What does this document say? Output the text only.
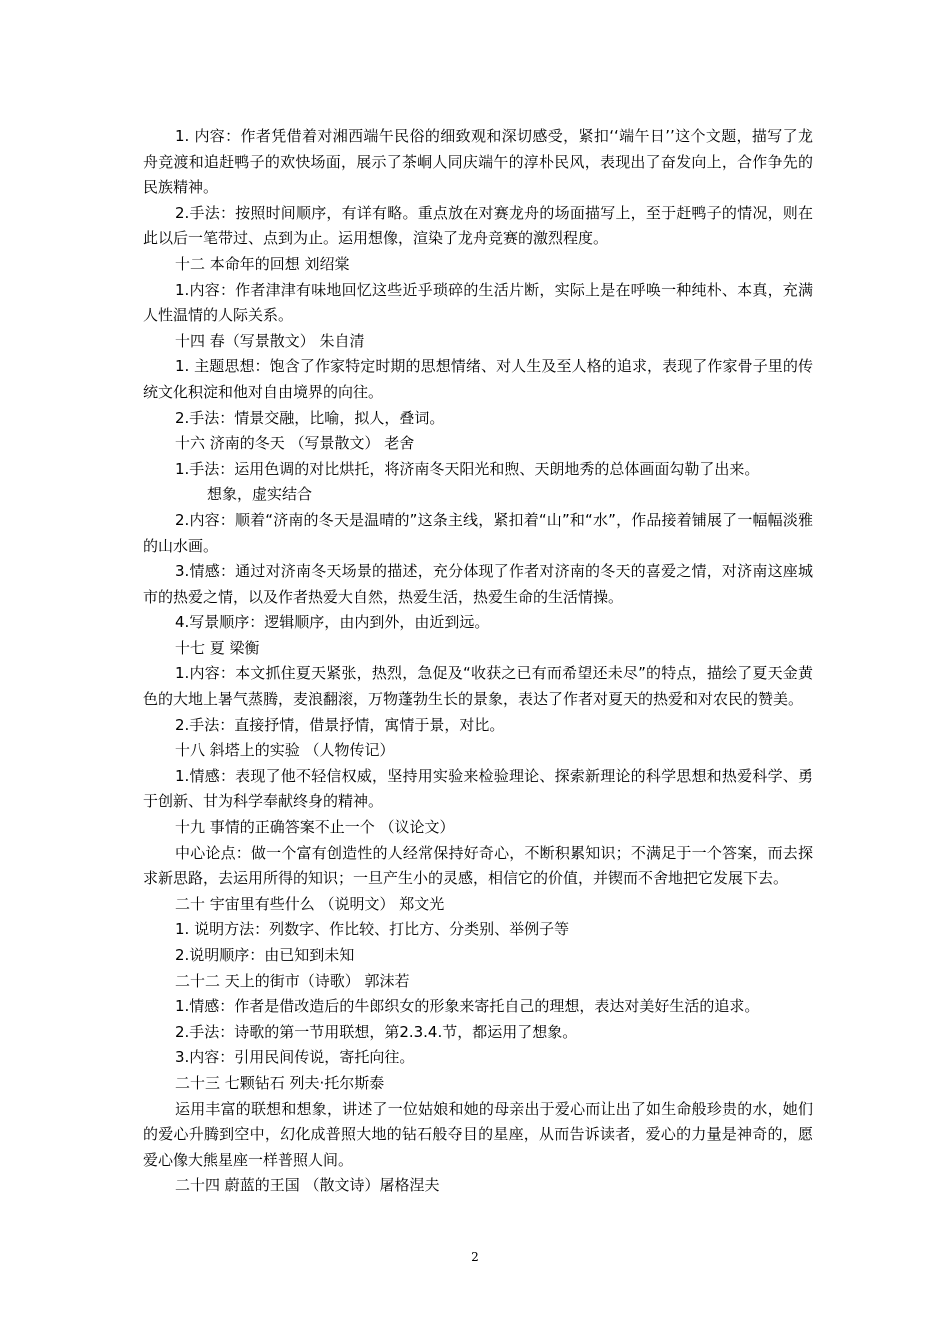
1. 内容：作者凭借着对湘西端午民俗的细致观和深切感受，紧扣‘‘端午日’’这个文题，描写了龙舟竞渡和追赶鸭子的欢快场面，展示了茶峒人同庆端午的淳朴民风，表现出了奋发向上，合作争先的民族精神。

2.手法：按照时间顺序，有详有略。重点放在对赛龙舟的场面描写上，至于赶鸭子的情况，则在此以后一笔带过、点到为止。运用想像，渲染了龙舟竞赛的激烈程度。

十二 本命年的回想 刘绍棠

1.内容：作者津津有味地回忆这些近乎琐碎的生活片断，实际上是在呼唤一种纯朴、本真，充满人性温情的人际关系。

十四 春（写景散文） 朱自清

1. 主题思想：饱含了作家特定时期的思想情绪、对人生及至人格的追求，表现了作家骨子里的传统文化积淀和他对自由境界的向往。

2.手法：情景交融，比喻，拟人，叠词。

十六 济南的冬天 （写景散文） 老舍

1.手法：运用色调的对比烘托，将济南冬天阳光和煦、天朗地秀的总体画面勾勒了出来。

想象，虚实结合

2.内容：顺着“济南的冬天是温晴的”这条主线，紧扣着“山”和“水”，作品接着铺展了一幅幅淡雅的山水画。

3.情感：通过对济南冬天场景的描述，充分体现了作者对济南的冬天的喜爱之情，对济南这座城市的热爱之情，以及作者热爱大自然，热爱生活，热爱生命的生活情操。

4.写景顺序：逻辑顺序，由内到外，由近到远。

十七 夏 梁衡

1.内容：本文抓住夏天紧张，热烈，急促及“收获之已有而希望还未尽”的特点，描绘了夏天金黄色的大地上暑气蒸腾，麦浪翻滚，万物蓬勃生长的景象，表达了作者对夏天的热爱和对农民的赞美。

2.手法：直接抒情，借景抒情，寓情于景，对比。

十八 斜塔上的实验 （人物传记）

1.情感：表现了他不轻信权威，坚持用实验来检验理论、探索新理论的科学思想和热爱科学、勇于创新、甘为科学奉献终身的精神。

十九 事情的正确答案不止一个 （议论文）

中心论点：做一个富有创造性的人经常保持好奇心，不断积累知识；不满足于一个答案，而去探求新思路，去运用所得的知识；一旦产生小的灵感，相信它的价值，并锲而不舍地把它发展下去。

二十 宇宙里有些什么 （说明文） 郑文光

1. 说明方法：列数字、作比较、打比方、分类别、举例子等

2.说明顺序：由已知到未知

二十二 天上的街市（诗歌） 郭沫若

1.情感：作者是借改造后的牛郎织女的形象来寄托自己的理想，表达对美好生活的追求。

2.手法：诗歌的第一节用联想，第2.3.4.节，都运用了想象。

3.内容：引用民间传说，寄托向往。

二十三 七颗钻石 列夫·托尔斯泰

运用丰富的联想和想象，讲述了一位姑娘和她的母亲出于爱心而让出了如生命般珍贵的水，她们的爱心升腾到空中，幻化成普照大地的钻石般夺目的星座，从而告诉读者，爱心的力量是神奇的，愿爱心像大熊星座一样普照人间。

二十四 蔚蓝的王国 （散文诗）屠格涅夫

2
